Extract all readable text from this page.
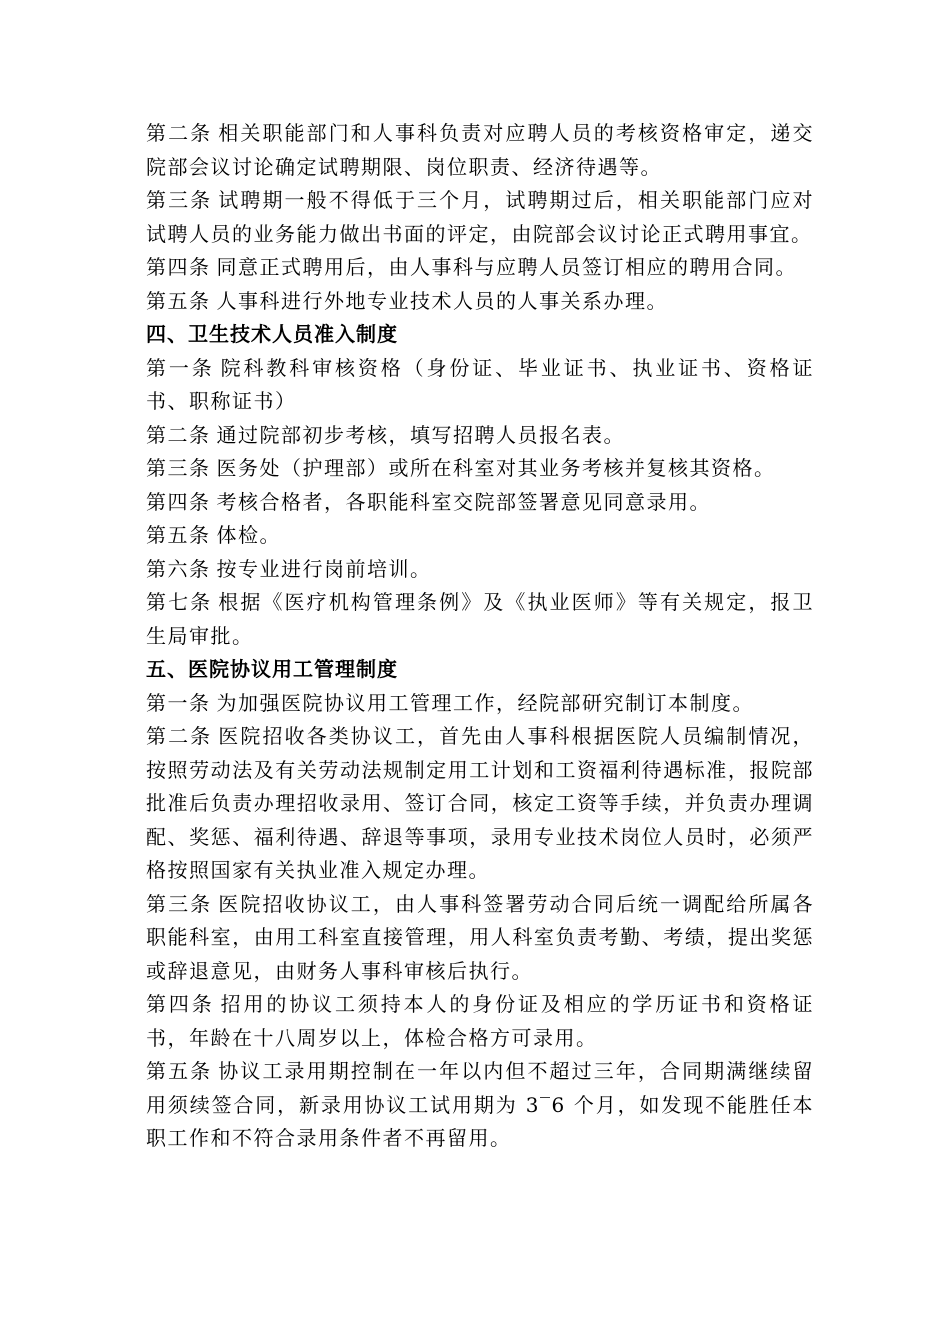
第二条 相关职能部门和人事科负责对应聘人员的考核资格审定，递交院部会议讨论确定试聘期限、岗位职责、经济待遇等。

第三条 试聘期一般不得低于三个月，试聘期过后，相关职能部门应对试聘人员的业务能力做出书面的评定，由院部会议讨论正式聘用事宜。

第四条 同意正式聘用后，由人事科与应聘人员签订相应的聘用合同。

第五条 人事科进行外地专业技术人员的人事关系办理。

四、卫生技术人员准入制度

第一条 院科教科审核资格（身份证、毕业证书、执业证书、资格证书、职称证书）

第二条 通过院部初步考核，填写招聘人员报名表。

第三条 医务处（护理部）或所在科室对其业务考核并复核其资格。

第四条 考核合格者，各职能科室交院部签署意见同意录用。

第五条 体检。

第六条 按专业进行岗前培训。

第七条 根据《医疗机构管理条例》及《执业医师》等有关规定，报卫生局审批。

五、医院协议用工管理制度

第一条 为加强医院协议用工管理工作，经院部研究制订本制度。

第二条 医院招收各类协议工，首先由人事科根据医院人员编制情况，按照劳动法及有关劳动法规制定用工计划和工资福利待遇标准，报院部批准后负责办理招收录用、签订合同，核定工资等手续，并负责办理调配、奖惩、福利待遇、辞退等事项，录用专业技术岗位人员时，必须严格按照国家有关执业准入规定办理。

第三条 医院招收协议工，由人事科签署劳动合同后统一调配给所属各职能科室，由用工科室直接管理，用人科室负责考勤、考绩，提出奖惩或辞退意见，由财务人事科审核后执行。

第四条 招用的协议工须持本人的身份证及相应的学历证书和资格证书，年龄在十八周岁以上，体检合格方可录用。

第五条 协议工录用期控制在一年以内但不超过三年，合同期满继续留用须续签合同，新录用协议工试用期为 3‾6 个月，如发现不能胜任本职工作和不符合录用条件者不再留用。
